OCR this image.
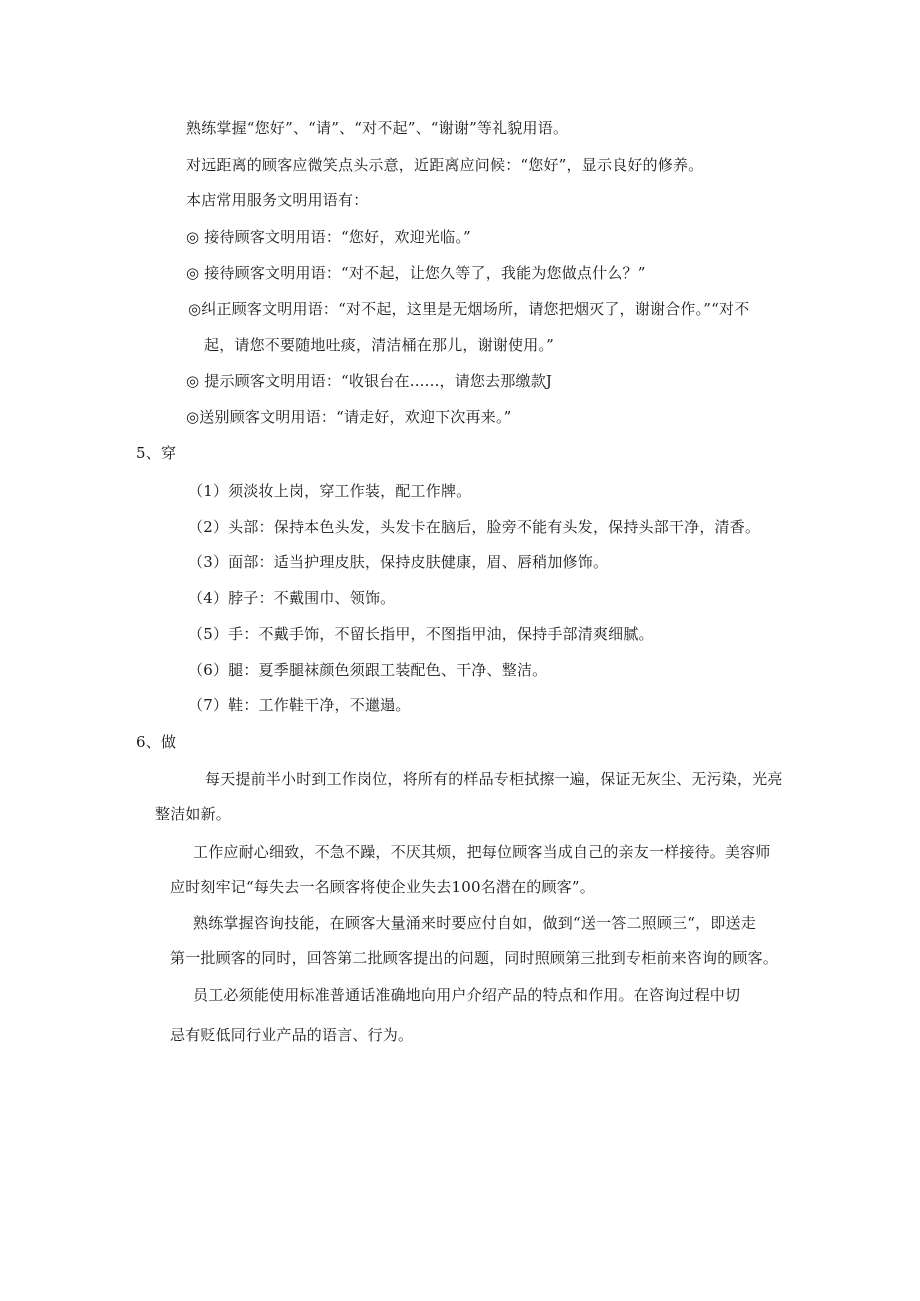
熟练掌握“您好”、“请”、“对不起”、“谢谢”等礼貌用语。
对远距离的顾客应微笑点头示意，近距离应问候：“您好”，显示良好的修养。
本店常用服务文明用语有：
◎ 接待顾客文明用语：“您好，欢迎光临。”
◎ 接待顾客文明用语：“对不起，让您久等了，我能为您做点什么？”
◎纠正顾客文明用语：“对不起，这里是无烟场所，请您把烟灭了，谢谢合作。”“对不
起，请您不要随地吐痰，清洁桶在那儿，谢谢使用。”
◎ 提示顾客文明用语：“收银台在......，请您去那缴款J
◎送别顾客文明用语：“请走好，欢迎下次再来。”
5、穿
（1）须淡妆上岗，穿工作装，配工作牌。
（2）头部：保持本色头发，头发卡在脑后，脸旁不能有头发，保持头部干净，清香。
（3）面部：适当护理皮肤，保持皮肤健康，眉、唇稍加修饰。
（4）脖子：不戴围巾、领饰。
（5）手：不戴手饰，不留长指甲，不图指甲油，保持手部清爽细腻。
（6）腿：夏季腿袜颜色须跟工装配色、干净、整洁。
（7）鞋：工作鞋干净，不邋遢。
6、做
每天提前半小时到工作岗位，将所有的样品专柜拭擦一遍，保证无灰尘、无污染，光亮
整洁如新。
工作应耐心细致，不急不躁，不厌其烦，把每位顾客当成自己的亲友一样接待。美容师
应时刻牢记“每失去一名顾客将使企业失去100名潜在的顾客”。
熟练掌握咨询技能，在顾客大量涌来时要应付自如，做到“送一答二照顾三“，即送走
第一批顾客的同时，回答第二批顾客提出的问题，同时照顾第三批到专柜前来咨询的顾客。
员工必须能使用标准普通话准确地向用户介绍产品的特点和作用。在咨询过程中切
忌有贬低同行业产品的语言、行为。
